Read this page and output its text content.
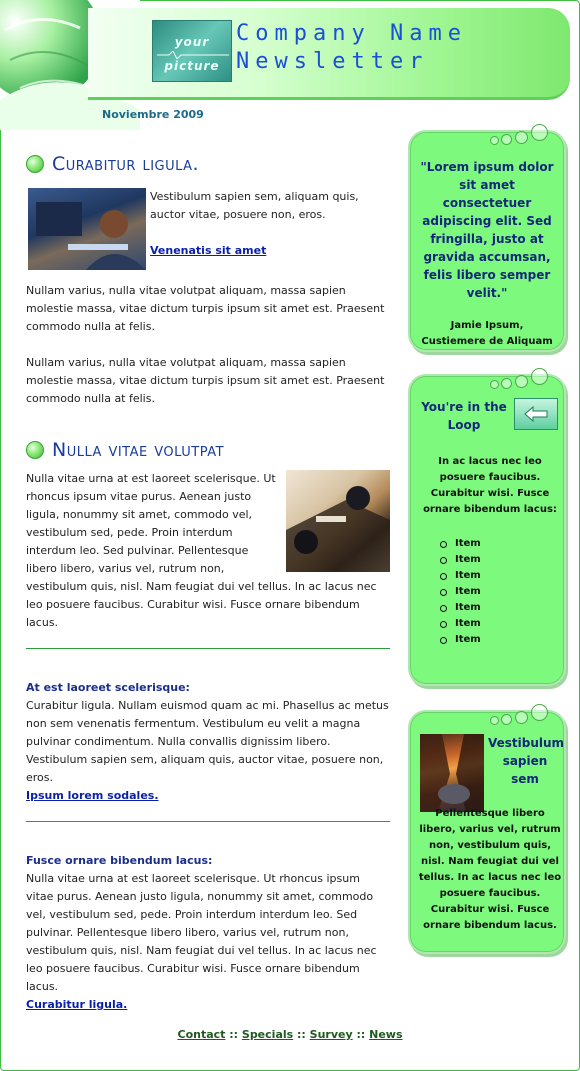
your
picture
Company Name
Newsletter
Noviembre 2009
Curabitur ligula.
Vestibulum sapien sem, aliquam quis, auctor vitae, posuere non, eros.
Venenatis sit amet

Nullam varius, nulla vitae volutpat aliquam, massa sapien molestie massa, vitae dictum turpis ipsum sit amet est. Praesent commodo nulla at felis.

Nullam varius, nulla vitae volutpat aliquam, massa sapien molestie massa, vitae dictum turpis ipsum sit amet est. Praesent commodo nulla at felis.

Nulla vitae volutpat

Nulla vitae urna at est laoreet scelerisque. Ut rhoncus ipsum vitae purus. Aenean justo ligula, nonummy sit amet, commodo vel, vestibulum sed, pede. Proin interdum interdum leo. Sed pulvinar. Pellentesque libero libero, varius vel, rutrum non, vestibulum quis, nisl. Nam feugiat dui vel tellus. In ac lacus nec leo posuere faucibus. Curabitur wisi. Fusce ornare bibendum lacus.

At est laoreet scelerisque:

Curabitur ligula. Nullam euismod quam ac mi. Phasellus ac metus non sem venenatis fermentum. Vestibulum eu velit a magna pulvinar condimentum. Nulla convallis dignissim libero. Vestibulum sapien sem, aliquam quis, auctor vitae, posuere non, eros.

Ipsum lorem sodales.
Fusce ornare bibendum lacus:

Nulla vitae urna at est laoreet scelerisque. Ut rhoncus ipsum vitae purus. Aenean justo ligula, nonummy sit amet, commodo vel, vestibulum sed, pede. Proin interdum interdum leo. Sed pulvinar. Pellentesque libero libero, varius vel, rutrum non, vestibulum quis, nisl. Nam feugiat dui vel tellus. In ac lacus nec leo posuere faucibus. Curabitur wisi. Fusce ornare bibendum lacus.

Curabitur ligula.
"Lorem ipsum dolor sit amet consectetuer adipiscing elit. Sed fringilla, justo at gravida accumsan, felis libero semper velit."
Jamie Ipsum, Custiemere de Aliquam
You're in the Loop
In ac lacus nec leo posuere faucibus. Curabitur wisi. Fusce ornare bibendum lacus:
Item
Item
Item
Item
Item
Item
Item
Vestibulum sapien sem
Pellentesque libero libero, varius vel, rutrum non, vestibulum quis, nisl. Nam feugiat dui vel tellus. In ac lacus nec leo posuere faucibus. Curabitur wisi. Fusce ornare bibendum lacus.
Contact :: Specials :: Survey :: News
